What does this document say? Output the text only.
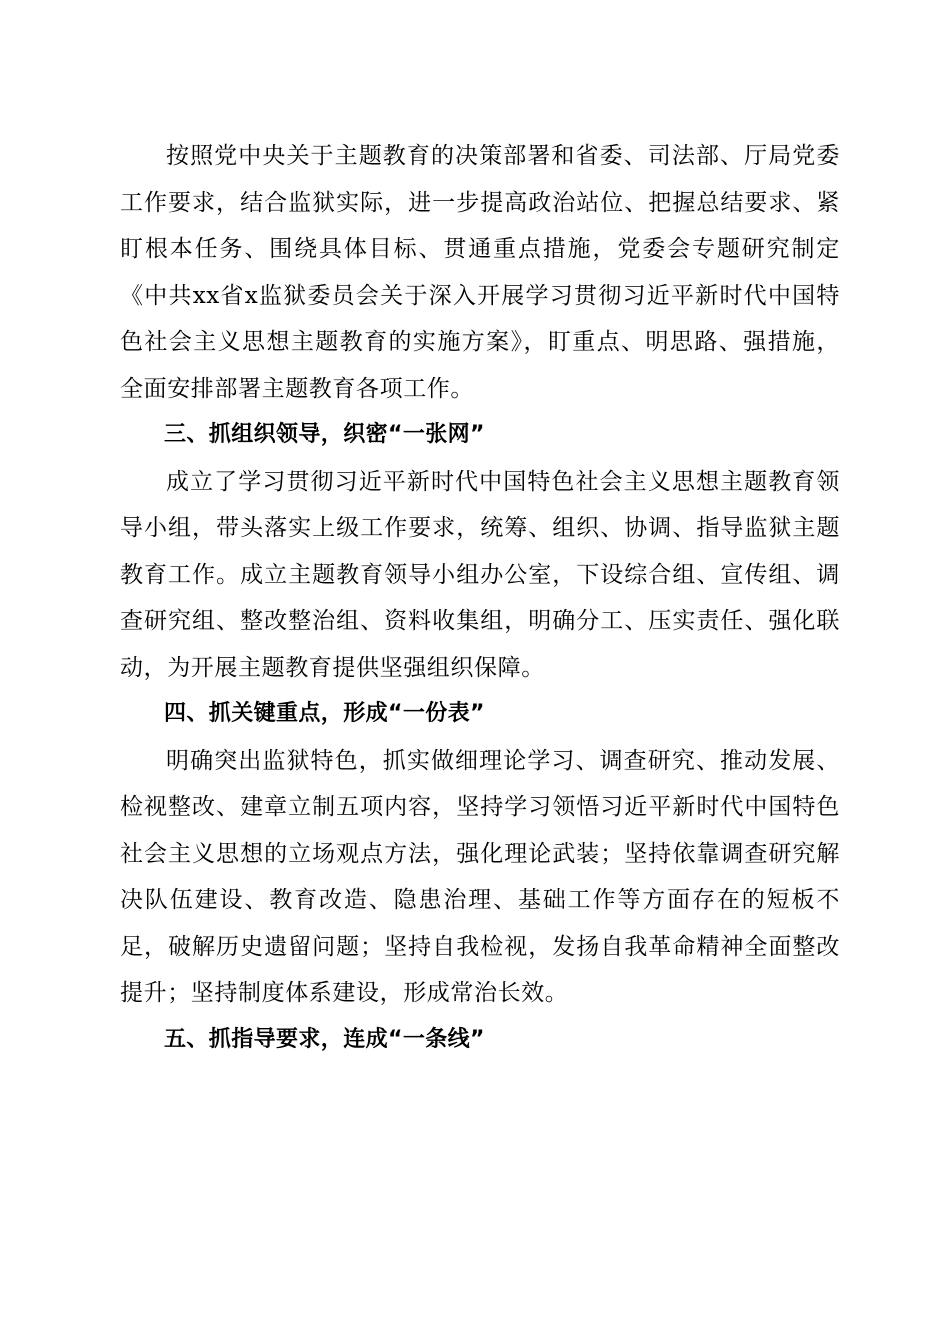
按照党中央关于主题教育的决策部署和省委、司法部、厅局党委工作要求，结合监狱实际，进一步提高政治站位、把握总结要求、紧盯根本任务、围绕具体目标、贯通重点措施，党委会专题研究制定《中共xx省x监狱委员会关于深入开展学习贯彻习近平新时代中国特色社会主义思想主题教育的实施方案》，盯重点、明思路、强措施，全面安排部署主题教育各项工作。

三、抓组织领导，织密“一张网”

成立了学习贯彻习近平新时代中国特色社会主义思想主题教育领导小组，带头落实上级工作要求，统筹、组织、协调、指导监狱主题教育工作。成立主题教育领导小组办公室，下设综合组、宣传组、调查研究组、整改整治组、资料收集组，明确分工、压实责任、强化联动，为开展主题教育提供坚强组织保障。

四、抓关键重点，形成“一份表”

明确突出监狱特色，抓实做细理论学习、调查研究、推动发展、检视整改、建章立制五项内容，坚持学习领悟习近平新时代中国特色社会主义思想的立场观点方法，强化理论武装；坚持依靠调查研究解决队伍建设、教育改造、隐患治理、基础工作等方面存在的短板不足，破解历史遗留问题；坚持自我检视，发扬自我革命精神全面整改提升；坚持制度体系建设，形成常治长效。

五、抓指导要求，连成“一条线”
